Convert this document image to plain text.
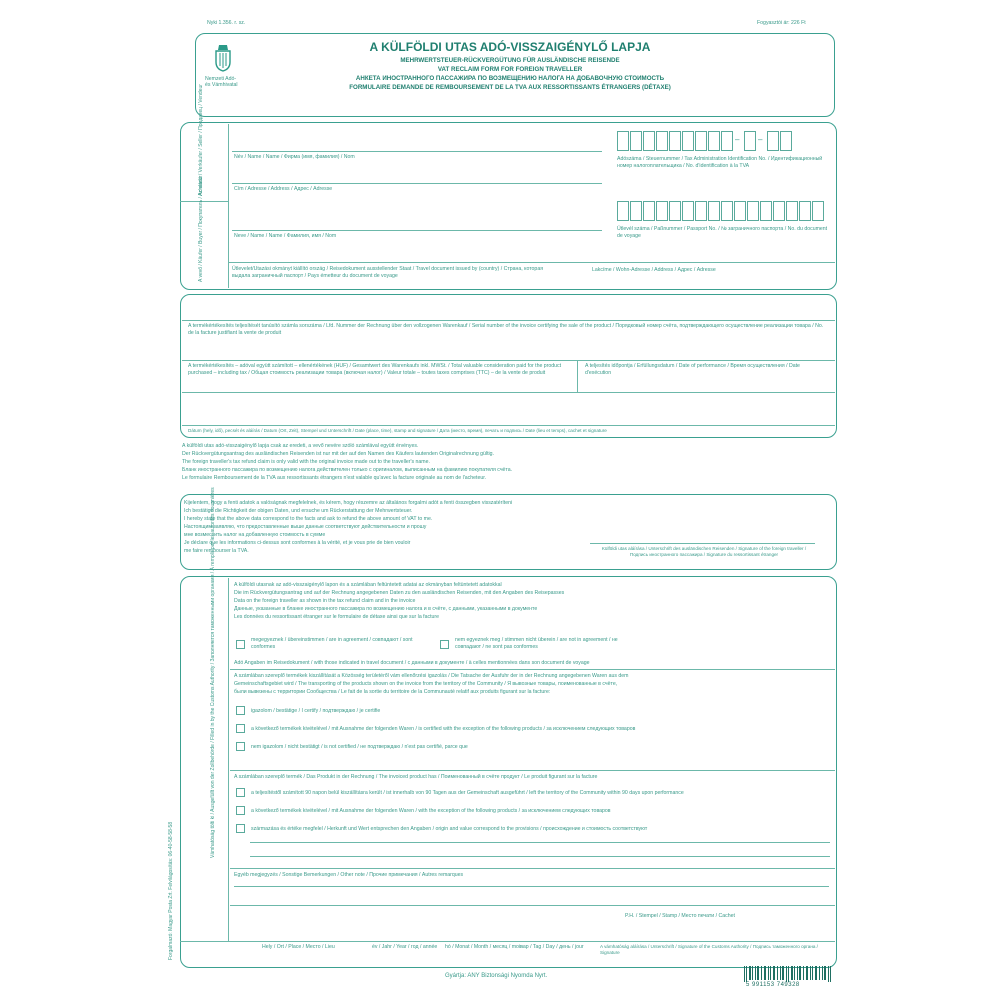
Nyki 1.356. r. sz.	Fogyasztói ár: 226 Ft
Nemzeti Adó-
és Vámhivatal
A KÜLFÖLDI UTAS ADÓ-VISSZAIGÉNYLŐ LAPJA
MEHRWERTSTEUER-RÜCKVERGÜTUNG FÜR AUSLÄNDISCHE REISENDE
VAT RECLAIM FORM FOR FOREIGN TRAVELLER
АНКЕТА ИНОСТРАННОГО ПАССАЖИРА ПО ВОЗМЕЩЕНИЮ НАЛОГА НА ДОБАВОЧНУЮ СТОИМОСТЬ
FORMULAIRE DEMANDE DE REMBOURSEMENT DE LA TVA AUX RESSORTISSANTS ÉTRANGERS (DÉTAXE)
Az eladó / Verkäufer / Seller / Продавец / Vendeur
A vevő / Käufer / Buyer / Покупатель / Acheteur
Név / Name / Name / Фирма (имя, фамилия) / Nom
Cím / Adresse / Address / Адрес / Adresse
– –
Adószáma / Steuernummer / Tax Administration Identification No. / Идентификационный номер налогоплательщика / No. d'identification à la TVA
Neve / Name / Name / Фамилия, имя / Nom
Útlevél száma / Paßnummer / Passport No. / № заграничного паспорта / No. du document de voyage
Útlevelet/Utazási okmányt kiállító ország / Reisedokument ausstellender Staat / Travel document issued by (country) / Страна, которая выдала заграничный паспорт / Pays émetteur du document de voyage
Lakcíme / Wohn-Adresse / Address / Адрес / Adresse
A termékértékesítés teljesítését tanúsító számla sorszáma / Lfd. Nummer der Rechnung über den vollzogenen Warenkauf / Serial number of the invoice certifying the sale of the product / Порядковый номер счёта, подтверждающего осуществление реализации товара / No. de la facture justifiant la vente de produit
A termékértékesítés – adóval együtt számított – ellenértékének (HUF) / Gesamtwert des Warenkaufs inkl. MWSt. / Total valuable consideration paid for the product purchased – including tax / Общая стоимость реализации товара (включая налог) / Valeur totale – toutes taxes comprises (TTC) – de la vente de produit
A teljesítés időpontja / Erfüllungsdatum / Date of performance / Время осуществления / Date d'exécution
Dátum (hely, idő), pecsét és aláírás / Datum (Ort, Zeit), Stempel und Unterschrift / Date (place, time), stamp and signature / Дата (место, время), печать и подпись / Date (lieu et temps), cachet et signature
A külföldi utas adó-visszaigénylő lapja csak az eredeti, a vevő nevére szóló számlával együtt érvényes.
Der Rückvergütungsantrag des ausländischen Reisenden ist nur mit der auf den Namen des Käufers lautenden Originalrechnung gültig.
The foreign traveller's tax refund claim is only valid with the original invoice made out to the traveller's name.
Бланк иностранного пассажира по возмещению налога действителен только с оригиналом, выписанным на фамилию покупателя счёта.
Le formulaire Remboursement de la TVA aux ressortissants étrangers n'est valable qu'avec la facture originale au nom de l'acheteur.
Kijelentem, hogy a fenti adatok a valóságnak megfelelnek, és kérem, hogy részemre az általános forgalmi adót a fenti összegben visszatéríteni
Ich bestätige die Richtigkeit der obigen Daten, und ersuche um Rückerstattung der Mehrwertsteuer.
I hereby state that the above data correspond to the facts and ask to refund the above amount of VAT to me.
Настоящим заявляю, что предоставленные выше данные соответствуют действительности и прошу
мне возместить налог на добавленную стоимость в сумме
Je déclare que les informations ci-dessus sont conformes à la vérité, et je vous prie de bien vouloir
me faire rembourser la TVA.	Külföldi utas aláírása / Unterschrift des ausländischen Reisenden / Signature of the foreign traveller / Подпись иностранного пассажира / Signature du ressortissant étranger
Vámhatóság tölti ki / Ausgefüllt von der Zollbehörde / Filled in by the Customs Authority / Заполняется таможенными органами / À remplir par les autorités douanières
Forgalmazó: Magyar Posta Zrt. Felvilágosítás: 06-40-58-58-58
A külföldi utasnak az adó-visszaigénylő lapon és a számlában feltüntetett adatai az okmányban feltüntetett adatokkal
Die im Rückvergütungsantrag und auf der Rechnung angegebenen Daten zu den ausländischen Reisenden, mit den Angaben des Reisepasses
Data on the foreign traveller as shown in the tax refund claim and in the invoice
Данные, указанные в бланке иностранного пассажира по возмещению налога и в счёте, с данными, указанными в документе
Les données du ressortissant étranger sur le formulaire de détaxe ainsi que sur la facture
megegyeznek / übereinstimmen / are in agreement / совпадают / sont conformes
nem egyeznek meg / stimmen nicht überein / are not in agreement / не совпадают / ne sont pas conformes
Adó Angaben im Reisedokument / with those indicated in travel document / с данными в документе / à celles mentionnées dans son document de voyage
A számlában szereplő termékek kiszállítását a Közösség területéről vám ellenőrzési igazolás / Die Tatsache der Ausfuhr der in der Rechnung angegebenen Waren aus dem
Gemeinschaftsgebiet wird / The transporting of the products shown on the invoice from the territory of the Community / Я вывозные товары, поименованные в счёте,
были вывезены с территории Сообщества / Le fait de la sortie du territoire de la Communauté relatif aux produits figurant sur la facture:
igazolom / bestätige / I certify / подтверждаю / je certifie
a következő termékek kivételével / mit Ausnahme der folgenden Waren / is certified with the exception of the following products / за исключением следующих товаров
nem igazolom / nicht bestätigt / is not certified / не подтверждаю / n'est pas certifié, parce que
A számlában szereplő termék / Das Produkt in der Rechnung / The invoiced product has / Поименованный в счёте продукт / Le produit figurant sur la facture
a teljesítéstől számított 90 napon belül kiszállításra került / ist innerhalb von 90 Tagen aus der Gemeinschaft ausgeführt / left the territory of the Community within 90 days upon performance
a következő termékek kivételével / mit Ausnahme der folgenden Waren / with the exception of the following products / за исключением следующих товаров
származása és értéke megfelel / Herkunft und Wert entsprechen den Angaben / origin and value correspond to the provisions / происхождение и стоимость соответствуют
Egyéb megjegyzés / Sonstige Bemerkungen / Other note / Прочие примечания / Autres remarques
P.H. / Stempel / Stamp / Место печати / Cachet
Hely / Ort / Place / Место / Lieu	év / Jahr / Year / год / année hó / Monat / Month / месяц / mois
nap / Tag / Day / день / jour	A vámhatóság aláírása / Unterschrift / Signature of the Customs Authority / Подпись таможенного органа / Signature
Gyártja: ANY Biztonsági Nyomda Nyrt.
5 991153 749328
